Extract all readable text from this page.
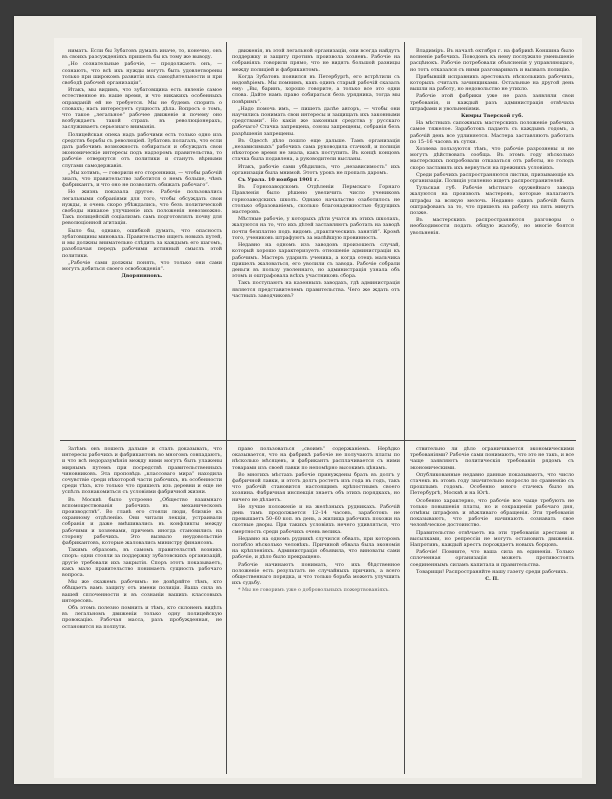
ниматъ. Если бы Зубатовъ думалъ иначе, то, конечно, онъ въ своихъ разсужденіяхъ пришелъ бы къ тому же выводу.

„Но сознательные рабочіе, — продолжаетъ онъ, — сознаютъ, что всѣ ихъ нужды могутъ быть удовлетворены только при широкомъ развитіи ихъ самодѣятельности и при свободѣ рабочей организаціи“.

Итакъ, мы видимъ, что зубатовщина есть явленіе самое естественное въ наше время, и что никакихъ особенныхъ оправданій ей не требуется. Мы не будемъ спорить о словахъ; насъ интересуетъ сущность дѣла. Вопросъ о томъ, что такое „легальное“ рабочее движеніе и почему оно возбуждаетъ такой страхъ въ революціонерахъ, заслуживаетъ серьезнаго вниманія.

Полицейская опека надъ рабочими есть только одно изъ средствъ борьбы съ революціей. Зубатовъ полагалъ, что если дать рабочимъ возможность собираться и обсуждать свои экономическіе интересы подъ надзоромъ правительства, то рабочіе отвернутся отъ политики и станутъ вѣрными слугами самодержавія.

„Мы хотимъ, — говорили его сторонники, — чтобы рабочій зналъ, что правительство заботится о немъ больше, чѣмъ фабрикантъ, и что оно не позволитъ обижать рабочаго“.

Но жизнь показала другое. Рабочіе пользовались легальными собраніями для того, чтобы обсуждать свои нужды, и очень скоро убѣждались, что безъ политической свободы никакое улучшеніе ихъ положенія невозможно. Такъ полицейскій соціализмъ самъ подготовлялъ почву для революціонной агитаціи.

Было бы, однако, ошибкой думать, что опасность зубатовщины миновала. Правительство ищетъ новыхъ путей, и мы должны внимательно слѣдить за каждымъ его шагомъ, разоблачая передъ рабочими истинный смыслъ этой политики.

„Рабочіе сами должны понять, что только они сами могутъ добиться своего освобожденія“.

Дворяниновъ.

движенія, въ этой легальной организаціи, они всегда найдутъ поддержку и защиту противъ произвола хозяевъ. Рабочіе на собраніяхъ говорили прямо, что не видятъ большой разницы между полиціей и фабрикантомъ.

Когда Зубатовъ появился въ Петербургѣ, его встрѣтили съ недовѣріемъ. Мы помнимъ, какъ одинъ старый рабочій сказалъ ему: „Вы, баринъ, хорошо говорите, а только все это одни слова. Дайте намъ право собираться безъ урядника, тогда мы повѣримъ“.

„Надо помочь имъ, — пишетъ далѣе авторъ, — чтобы они научились понимать свои интересы и защищать ихъ законными средствами“. Но какія же законныя средства у русскаго рабочаго? Стачка запрещена, союзы запрещены, собранія безъ разрѣшенія запрещены.

Въ Одессѣ дѣло пошло еще дальше. Тамъ организація „независимыхъ“ рабочихъ сама руководила стачкой, и полиція нѣкоторое время не знала, какъ поступить. Въ концѣ концовъ стачка была подавлена, а руководители высланы.

Итакъ, рабочіе сами убѣдились, что „независимость“ ихъ организаціи была мнимой. Этотъ урокъ не пропалъ даромъ.

Съ Урала. 10 ноября 1901 г.

Въ Горнозаводскомъ Отдѣленіи Пермскаго Горнаго Правленія было рѣшено увеличить число учениковъ горнозаводскихъ школъ. Однако начальство озаботилось не столько образованіемъ, сколько благонадежностью будущихъ мастеровъ.

Мѣстные рабочіе, у которыхъ дѣти учатся въ этихъ школахъ, жалуются на то, что ихъ дѣтей заставляютъ работать на заводѣ почти безплатно подъ видомъ „практическихъ занятій“. Кромѣ того, учениковъ штрафуютъ за малѣйшую провинность.

Недавно на одномъ изъ заводовъ произошелъ случай, который хорошо характеризуетъ отношеніе администраціи къ рабочимъ. Мастеръ ударилъ ученика, а когда отецъ мальчика пришелъ жаловаться, его уволили съ завода. Рабочіе собрали деньги въ пользу уволеннаго, но администрація узнала объ этомъ и оштрафовала всѣхъ участниковъ сбора.

Такъ поступаютъ на казенныхъ заводахъ, гдѣ администрація является представителемъ правительства. Чего же ждать отъ частныхъ заводчиковъ?

Владиміръ. Въ началѣ октября г. на фабрикѣ Коншина было волненіе рабочихъ. Поводомъ къ нему послужило уменьшеніе расцѣнокъ. Рабочіе потребовали объясненія у управляющаго, но тотъ отказался съ ними разговаривать и вызвалъ полицію.

Прибывшій исправникъ арестовалъ нѣсколькихъ рабочихъ, которыхъ считалъ зачинщиками. Остальные на другой день вышли на работу, но недовольство не утихло.

Рабочіе этой фабрики уже не разъ заявляли свои требованія, и каждый разъ администрація отвѣчала штрафами и увольненіями.

Кимры Тверской губ.

На мѣстныхъ сапожныхъ мастерскихъ положеніе рабочихъ самое тяжелое. Заработокъ падаетъ съ каждымъ годомъ, а рабочій день все удлиняется. Мастера заставляютъ работать по 15–16 часовъ въ сутки.

Хозяева пользуются тѣмъ, что рабочіе разрознены и не могутъ дѣйствовать сообща. Въ этомъ году нѣсколько мастерскихъ попробовали отказаться отъ работы, но голодъ скоро заставилъ ихъ вернуться на прежнихъ условіяхъ.

Среди рабочихъ распространяются листки, призывающіе къ организаціи. Полиція усиленно ищетъ распространителей.

Тульская губ. Рабочіе мѣстнаго оружейнаго завода жалуются на произволъ мастеровъ, которые налагаютъ штрафы за всякую мелочь. Недавно одинъ рабочій былъ оштрафованъ за то, что пришелъ на работу на пять минутъ позже.

Въ мастерскихъ распространяются разговоры о необходимости подать общую жалобу, но многіе боятся увольненія.

Затѣмъ онъ пошелъ дальше и сталъ доказывать, что интересы рабочихъ и фабрикантовъ во многомъ совпадаютъ, и что всѣ недоразумѣнія между ними могутъ быть улажены мирнымъ путемъ при посредствѣ правительственныхъ чиновниковъ. Эта проповѣдь „классоваго мира“ находила сочувствіе среди нѣкоторой части рабочихъ, въ особенности среди тѣхъ, кто только что пришелъ изъ деревни и еще не успѣлъ познакомиться съ условіями фабричной жизни.

Въ Москвѣ было устроено „Общество взаимнаго вспомоществованія рабочихъ въ механическомъ производствѣ“. Во главѣ его стояли люди, близкіе къ охранному отдѣленію. Они читали лекціи, устраивали собранія и даже вмѣшивались въ конфликты между рабочими и хозяевами, причемъ иногда становились на сторону рабочихъ. Это вызвало неудовольствіе фабрикантовъ, которые жаловались министру финансовъ.

Такимъ образомъ, въ самомъ правительствѣ возникъ споръ: одни стояли за поддержку зубатовскихъ организацій, другіе требовали ихъ закрытія. Споръ этотъ показываетъ, какъ мало правительство понимаетъ сущность рабочаго вопроса.

Мы же скажемъ рабочимъ: не довѣряйте тѣмъ, кто обѣщаетъ вамъ защиту отъ имени полиціи. Ваша сила въ вашей сплоченности и въ сознаніи вашихъ классовыхъ интересовъ.

Объ этомъ полезно помнить и тѣмъ, кто склоненъ видѣть въ легальномъ движеніи только одну полицейскую провокацію. Рабочая масса, разъ пробужденная, не остановится на полпути.

право пользоваться „своимъ“ содержаніемъ. Нерѣдко оказывается, что на фабрикѣ рабочіе не получаютъ платы по нѣсколько мѣсяцевъ, и фабрикантъ расплачивается съ ними товарами изъ своей лавки по непомѣрно высокимъ цѣнамъ.

Во многихъ мѣстахъ рабочіе принуждены брать въ долгъ у фабричной лавки, и этотъ долгъ ростетъ изъ года въ годъ, такъ что рабочій становится настоящимъ крѣпостнымъ своего хозяина. Фабричная инспекція знаетъ объ этихъ порядкахъ, но ничего не дѣлаетъ.

Не лучше положеніе и на желѣзныхъ рудникахъ. Рабочій день тамъ продолжается 12–14 часовъ, заработокъ не превышаетъ 50–60 коп. въ день, а жилища рабочихъ похожи на скотные дворы. При такихъ условіяхъ нечего удивляться, что смертность среди рабочихъ очень велика.

Недавно на одномъ рудникѣ случился обвалъ, при которомъ погибло нѣсколько человѣкъ. Причиной обвала была экономія на крѣпленіяхъ. Администрація объявила, что виноваты сами рабочіе, и дѣло было прекращено.

Рабочіе начинаютъ понимать, что ихъ бѣдственное положеніе есть результатъ не случайныхъ причинъ, а всего общественнаго порядка, и что только борьба можетъ улучшить ихъ судьбу.

* Мы не говоримъ уже о добровольныхъ пожертвованіяхъ.

ствительно ли дѣло ограничивается экономическими требованіями? Рабочіе сами понимаютъ, что это не такъ, и все чаще заявляютъ политическія требованія рядомъ съ экономическими.

Опубликованные недавно данные показываютъ, что число стачекъ въ этомъ году значительно возросло по сравненію съ прошлымъ годомъ. Особенно много стачекъ было въ Петербургѣ, Москвѣ и на Югѣ.

Особенно характерно, что рабочіе все чаще требуютъ не только повышенія платы, но и сокращенія рабочаго дня, отмѣны штрафовъ и вѣжливаго обращенія. Эти требованія показываютъ, что рабочіе начинаютъ сознавать свое человѣческое достоинство.

Правительство отвѣчаетъ на эти требованія арестами и высылками, но репрессіи не могутъ остановить движенія. Напротивъ, каждый арестъ порождаетъ новыхъ борцовъ.

Рабочіе! Помните, что ваша сила въ единеніи. Только сплоченная организація можетъ противостоять соединеннымъ силамъ капитала и правительства.

Товарищи! Распространяйте нашу газету среди рабочихъ.

С. П.
